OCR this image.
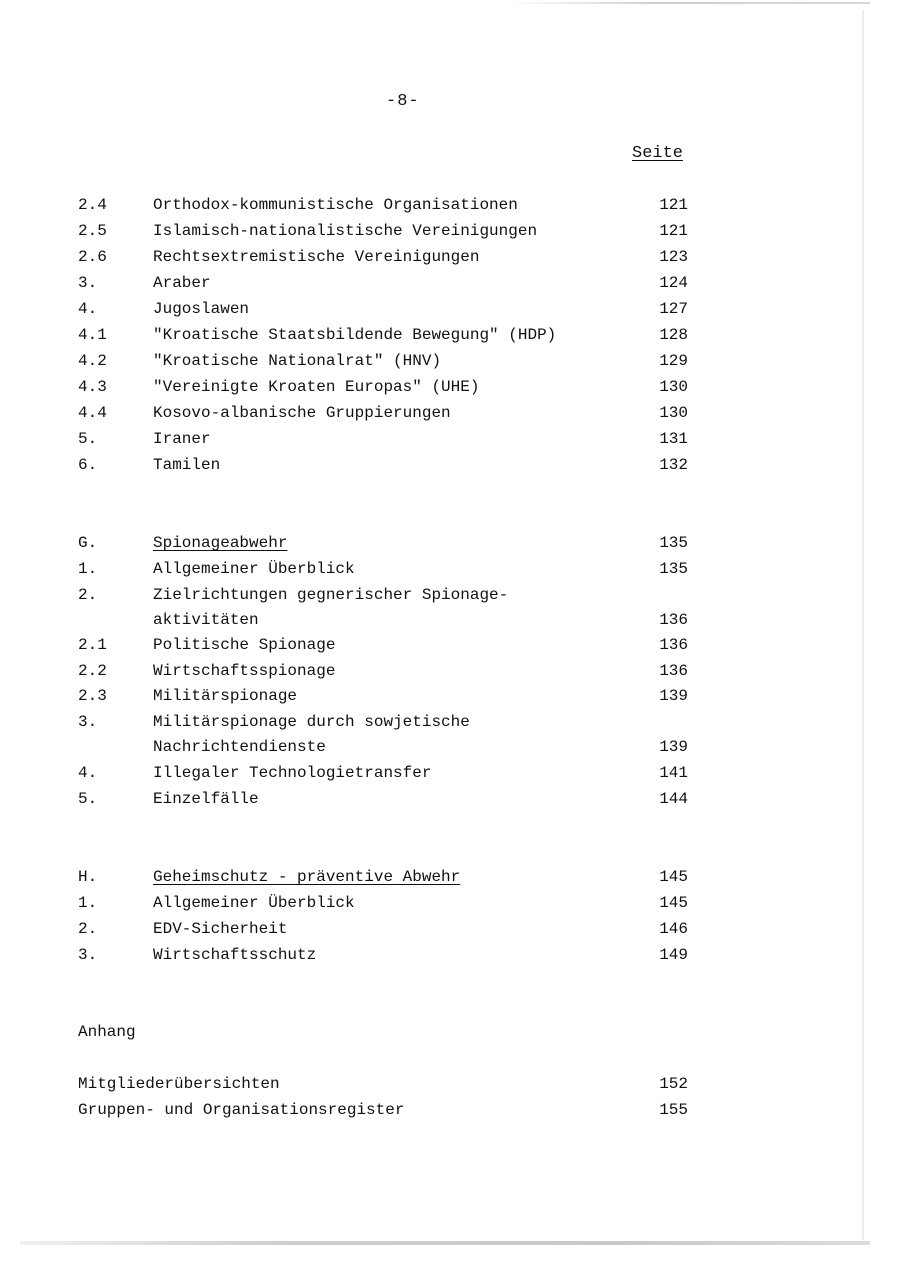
-8-
Seite
2.4	Orthodox-kommunistische Organisationen	121
2.5	Islamisch-nationalistische Vereinigungen	121
2.6	Rechtsextremistische Vereinigungen	123
3.	Araber	124
4.	Jugoslawen	127
4.1	"Kroatische Staatsbildende Bewegung" (HDP)	128
4.2	"Kroatische Nationalrat" (HNV)	129
4.3	"Vereinigte Kroaten Europas" (UHE)	130
4.4	Kosovo-albanische Gruppierungen	130
5.	Iraner	131
6.	Tamilen	132
G.	Spionageabwehr	135
1.	Allgemeiner Überblick	135
2.	Zielrichtungen gegnerischer Spionage-
aktivitäten	136
2.1	Politische Spionage	136
2.2	Wirtschaftsspionage	136
2.3	Militärspionage	139
3.	Militärspionage durch sowjetische
Nachrichtendienste	139
4.	Illegaler Technologietransfer	141
5.	Einzelfälle	144
H.	Geheimschutz - präventive Abwehr	145
1.	Allgemeiner Überblick	145
2.	EDV-Sicherheit	146
3.	Wirtschaftsschutz	149
Anhang
Mitgliederübersichten	152
Gruppen- und Organisationsregister	155
